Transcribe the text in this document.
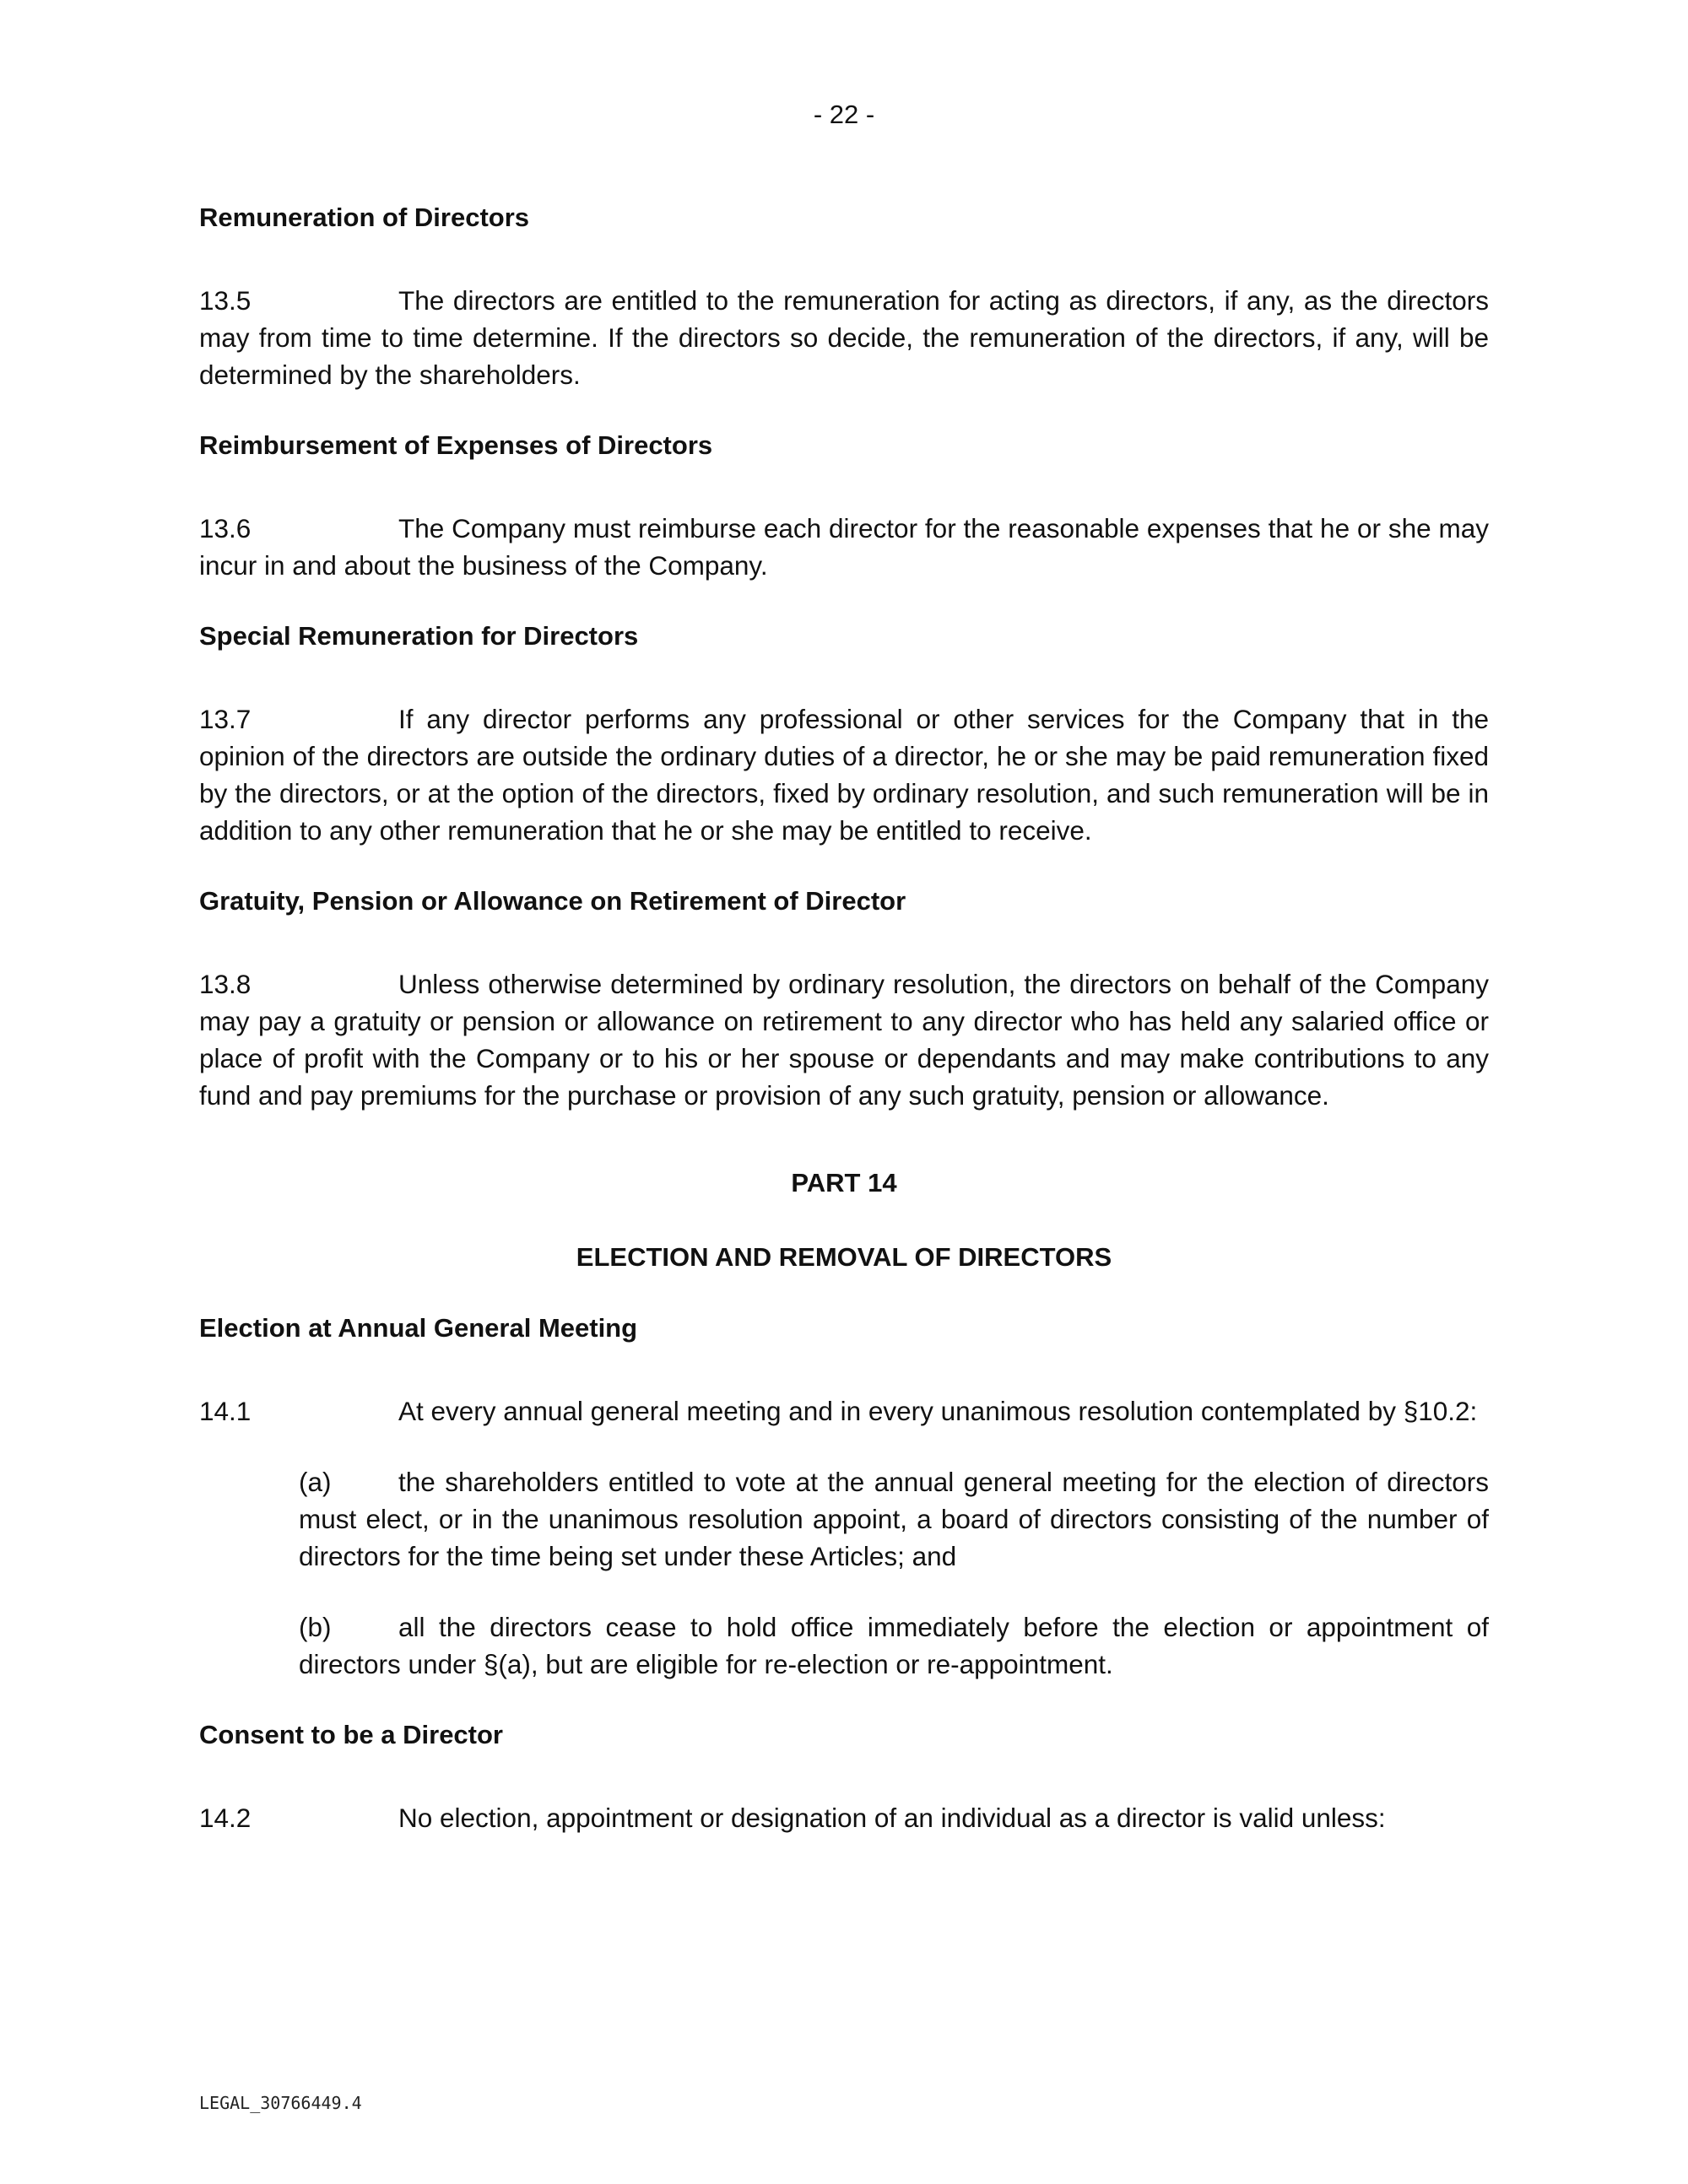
- 22 -

Remuneration of Directors

13.5	The directors are entitled to the remuneration for acting as directors, if any, as the directors may from time to time determine. If the directors so decide, the remuneration of the directors, if any, will be determined by the shareholders.

Reimbursement of Expenses of Directors

13.6	The Company must reimburse each director for the reasonable expenses that he or she may incur in and about the business of the Company.

Special Remuneration for Directors

13.7	If any director performs any professional or other services for the Company that in the opinion of the directors are outside the ordinary duties of a director, he or she may be paid remuneration fixed by the directors, or at the option of the directors, fixed by ordinary resolution, and such remuneration will be in addition to any other remuneration that he or she may be entitled to receive.

Gratuity, Pension or Allowance on Retirement of Director

13.8	Unless otherwise determined by ordinary resolution, the directors on behalf of the Company may pay a gratuity or pension or allowance on retirement to any director who has held any salaried office or place of profit with the Company or to his or her spouse or dependants and may make contributions to any fund and pay premiums for the purchase or provision of any such gratuity, pension or allowance.

PART 14

ELECTION AND REMOVAL OF DIRECTORS

Election at Annual General Meeting

14.1	At every annual general meeting and in every unanimous resolution contemplated by §10.2:

(a)	the shareholders entitled to vote at the annual general meeting for the election of directors must elect, or in the unanimous resolution appoint, a board of directors consisting of the number of directors for the time being set under these Articles; and

(b)	all the directors cease to hold office immediately before the election or appointment of directors under §(a), but are eligible for re-election or re-appointment.

Consent to be a Director

14.2	No election, appointment or designation of an individual as a director is valid unless:

LEGAL_30766449.4
